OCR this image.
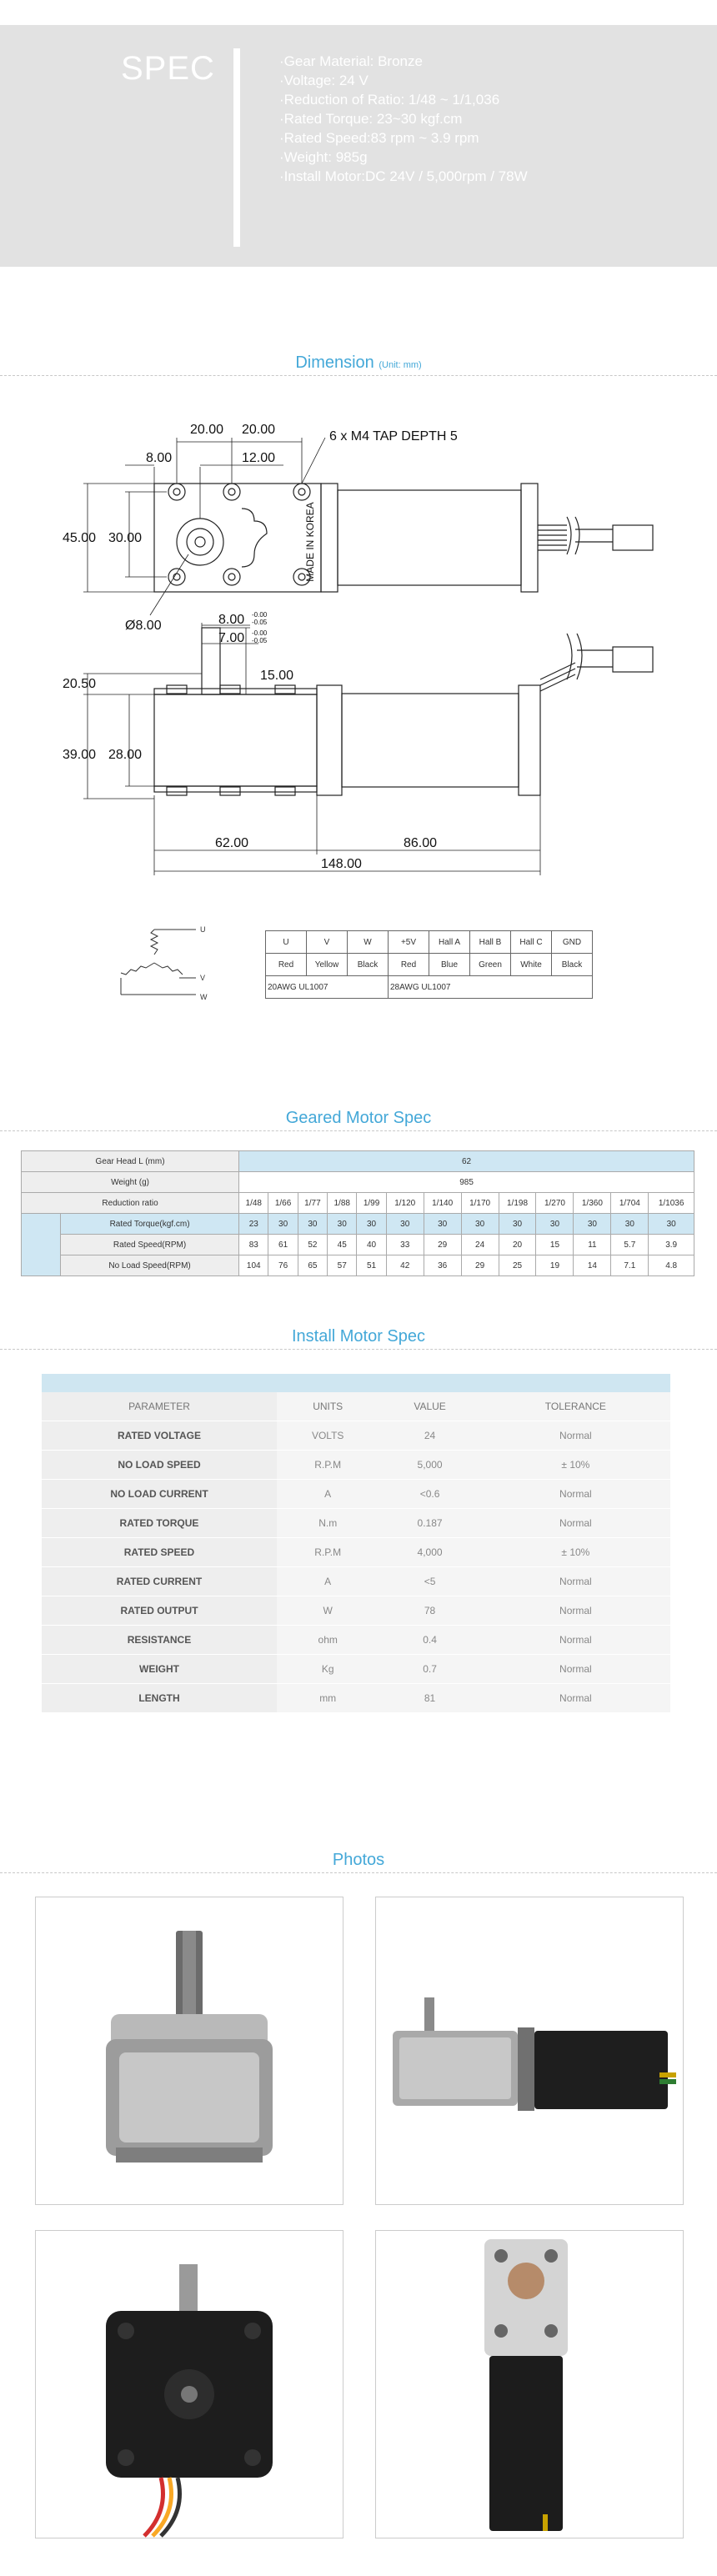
SPEC	·Gear Material: Bronze
·Voltage: 24 V
·Reduction of Ratio: 1/48 ~ 1/1,036
·Rated Torque: 23~30 kgf.cm
·Rated Speed:83 rpm ~ 3.9 rpm
·Weight: 985g
·Install Motor:DC 24V / 5,000rpm / 78W
Dimension (Unit: mm)
20.00 20.00
8.00	12.00
6 x M4 TAP DEPTH 5
45.00 30.00
Ø8.00	8.00
7.00
20.50
15.00
39.00 28.00
62.00	86.00
148.00
-0.00
-0.05
-0.00
-0.05
MADE IN KOREA
U
V
W
U	V	W	+5V	Hall A	Hall B	Hall C	GND
Red	Yellow	Black	Red	Blue	Green	White	Black
20AWG UL1007			28AWG UL1007				
Geared Motor Spec
Gear Head L (mm)		62												
Weight (g)		985												
Reduction ratio		1/48	1/66	1/77	1/88	1/99	1/120	1/140	1/170	1/198	1/270	1/360	1/704	1/1036
	Rated Torque(kgf.cm)	23	30	30	30	30	30	30	30	30	30	30	30	30
	Rated Speed(RPM)	83	61	52	45	40	33	29	24	20	15	11	5.7	3.9
	No Load Speed(RPM)	104	76	65	57	51	42	36	29	25	19	14	7.1	4.8
Install Motor Spec
PARAMETER	UNITS	VALUE	TOLERANCE
RATED VOLTAGE	VOLTS	24	Normal
NO LOAD SPEED	R.P.M	5,000	± 10%
NO LOAD CURRENT	A	<0.6	Normal
RATED TORQUE	N.m	0.187	Normal
RATED SPEED	R.P.M	4,000	± 10%
RATED CURRENT	A	<5	Normal
RATED OUTPUT	W	78	Normal
RESISTANCE	ohm	0.4	Normal
WEIGHT	Kg	0.7	Normal
LENGTH	mm	81	Normal
Photos
